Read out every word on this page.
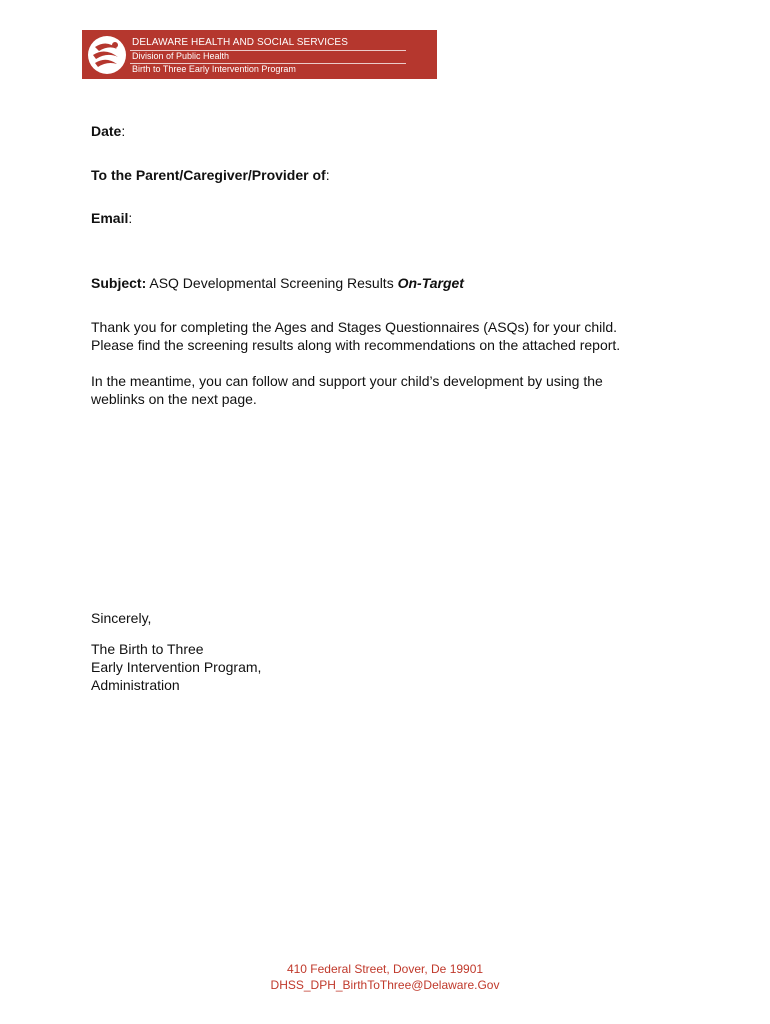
DELAWARE HEALTH AND SOCIAL SERVICES
Division of Public Health
Birth to Three Early Intervention Program
Date:
To the Parent/Caregiver/Provider of:
Email:
Subject: ASQ Developmental Screening Results On-Target
Thank you for completing the Ages and Stages Questionnaires (ASQs) for your child.
Please find the screening results along with recommendations on the attached report.
In the meantime, you can follow and support your child’s development by using the
weblinks on the next page.
Sincerely,
The Birth to Three
Early Intervention Program,
Administration
410 Federal Street, Dover, De 19901
DHSS_DPH_BirthToThree@Delaware.Gov
